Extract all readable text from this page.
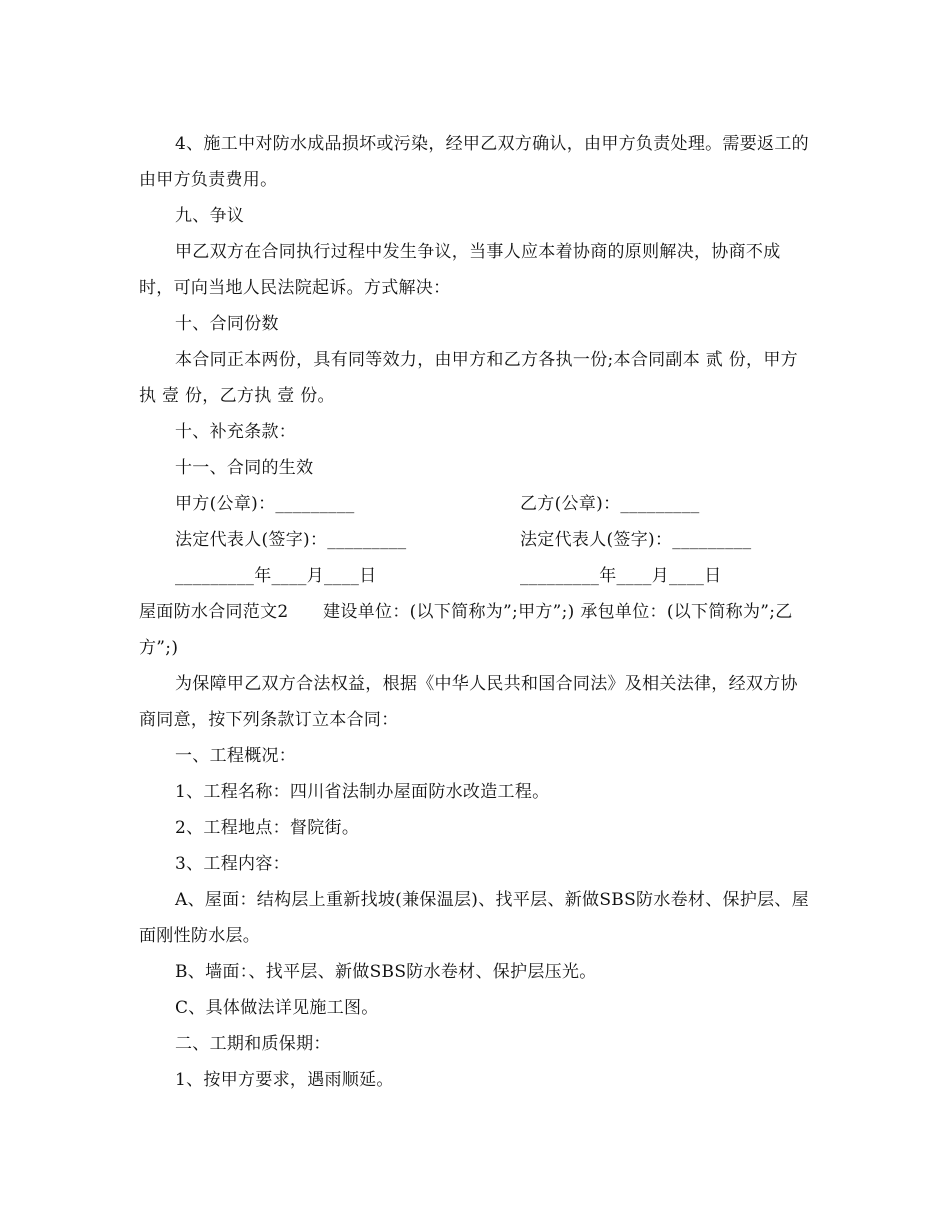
4、施工中对防水成品损坏或污染，经甲乙双方确认，由甲方负责处理。需要返工的由甲方负责费用。

九、争议

甲乙双方在合同执行过程中发生争议，当事人应本着协商的原则解决，协商不成时，可向当地人民法院起诉。方式解决：

十、合同份数

本合同正本两份，具有同等效力，由甲方和乙方各执一份;本合同副本 贰 份，甲方执 壹 份，乙方执 壹 份。

十、补充条款：

十一、合同的生效

甲方(公章)：_________	乙方(公章)：_________
法定代表人(签字)：_________	法定代表人(签字)：_________
_________年____月____日	_________年____月____日

屋面防水合同范文2　　建设单位：(以下简称为”;甲方”;) 承包单位：(以下简称为”;乙方”;)

为保障甲乙双方合法权益，根据《中华人民共和国合同法》及相关法律，经双方协商同意，按下列条款订立本合同：

一、工程概况：

1、工程名称：四川省法制办屋面防水改造工程。

2、工程地点：督院街。

3、工程内容：

A、屋面：结构层上重新找坡(兼保温层)、找平层、新做SBS防水卷材、保护层、屋面刚性防水层。

B、墙面：、找平层、新做SBS防水卷材、保护层压光。

C、具体做法详见施工图。

二、工期和质保期：

1、按甲方要求，遇雨顺延。
